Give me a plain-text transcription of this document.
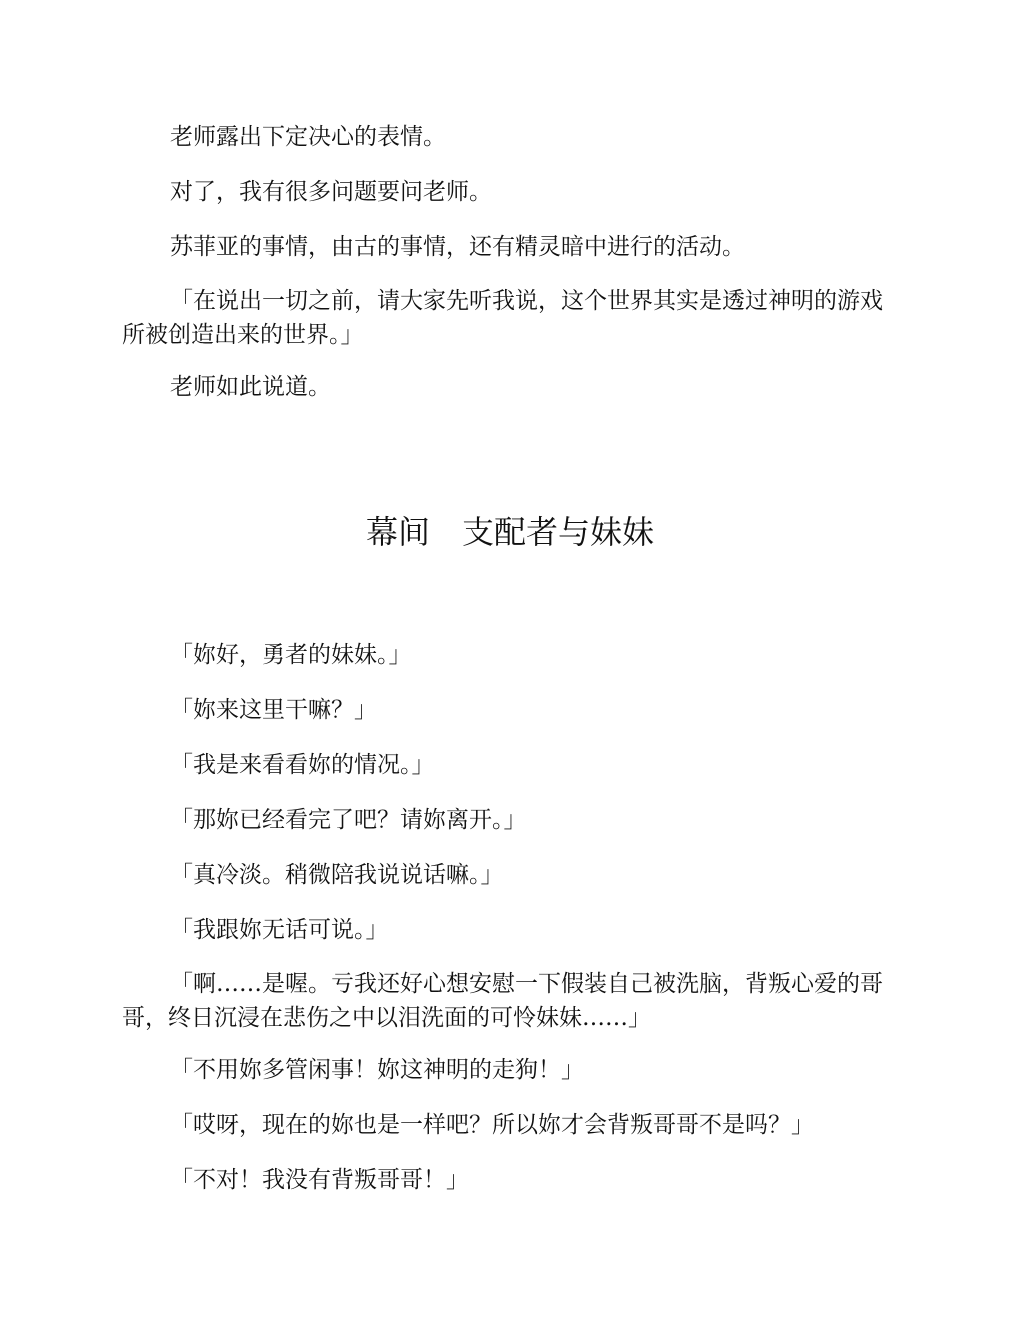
老师露出下定决心的表情。

对了，我有很多问题要问老师。

苏菲亚的事情，由古的事情，还有精灵暗中进行的活动。

「在说出一切之前，请大家先听我说，这个世界其实是透过神明的游戏所被创造出来的世界。」

老师如此说道。

幕间　支配者与妹妹

「妳好，勇者的妹妹。」

「妳来这里干嘛？」

「我是来看看妳的情况。」

「那妳已经看完了吧？请妳离开。」

「真冷淡。稍微陪我说说话嘛。」

「我跟妳无话可说。」

「啊……是喔。亏我还好心想安慰一下假装自己被洗脑，背叛心爱的哥哥，终日沉浸在悲伤之中以泪洗面的可怜妹妹……」

「不用妳多管闲事！妳这神明的走狗！」

「哎呀，现在的妳也是一样吧？所以妳才会背叛哥哥不是吗？」

「不对！我没有背叛哥哥！」
